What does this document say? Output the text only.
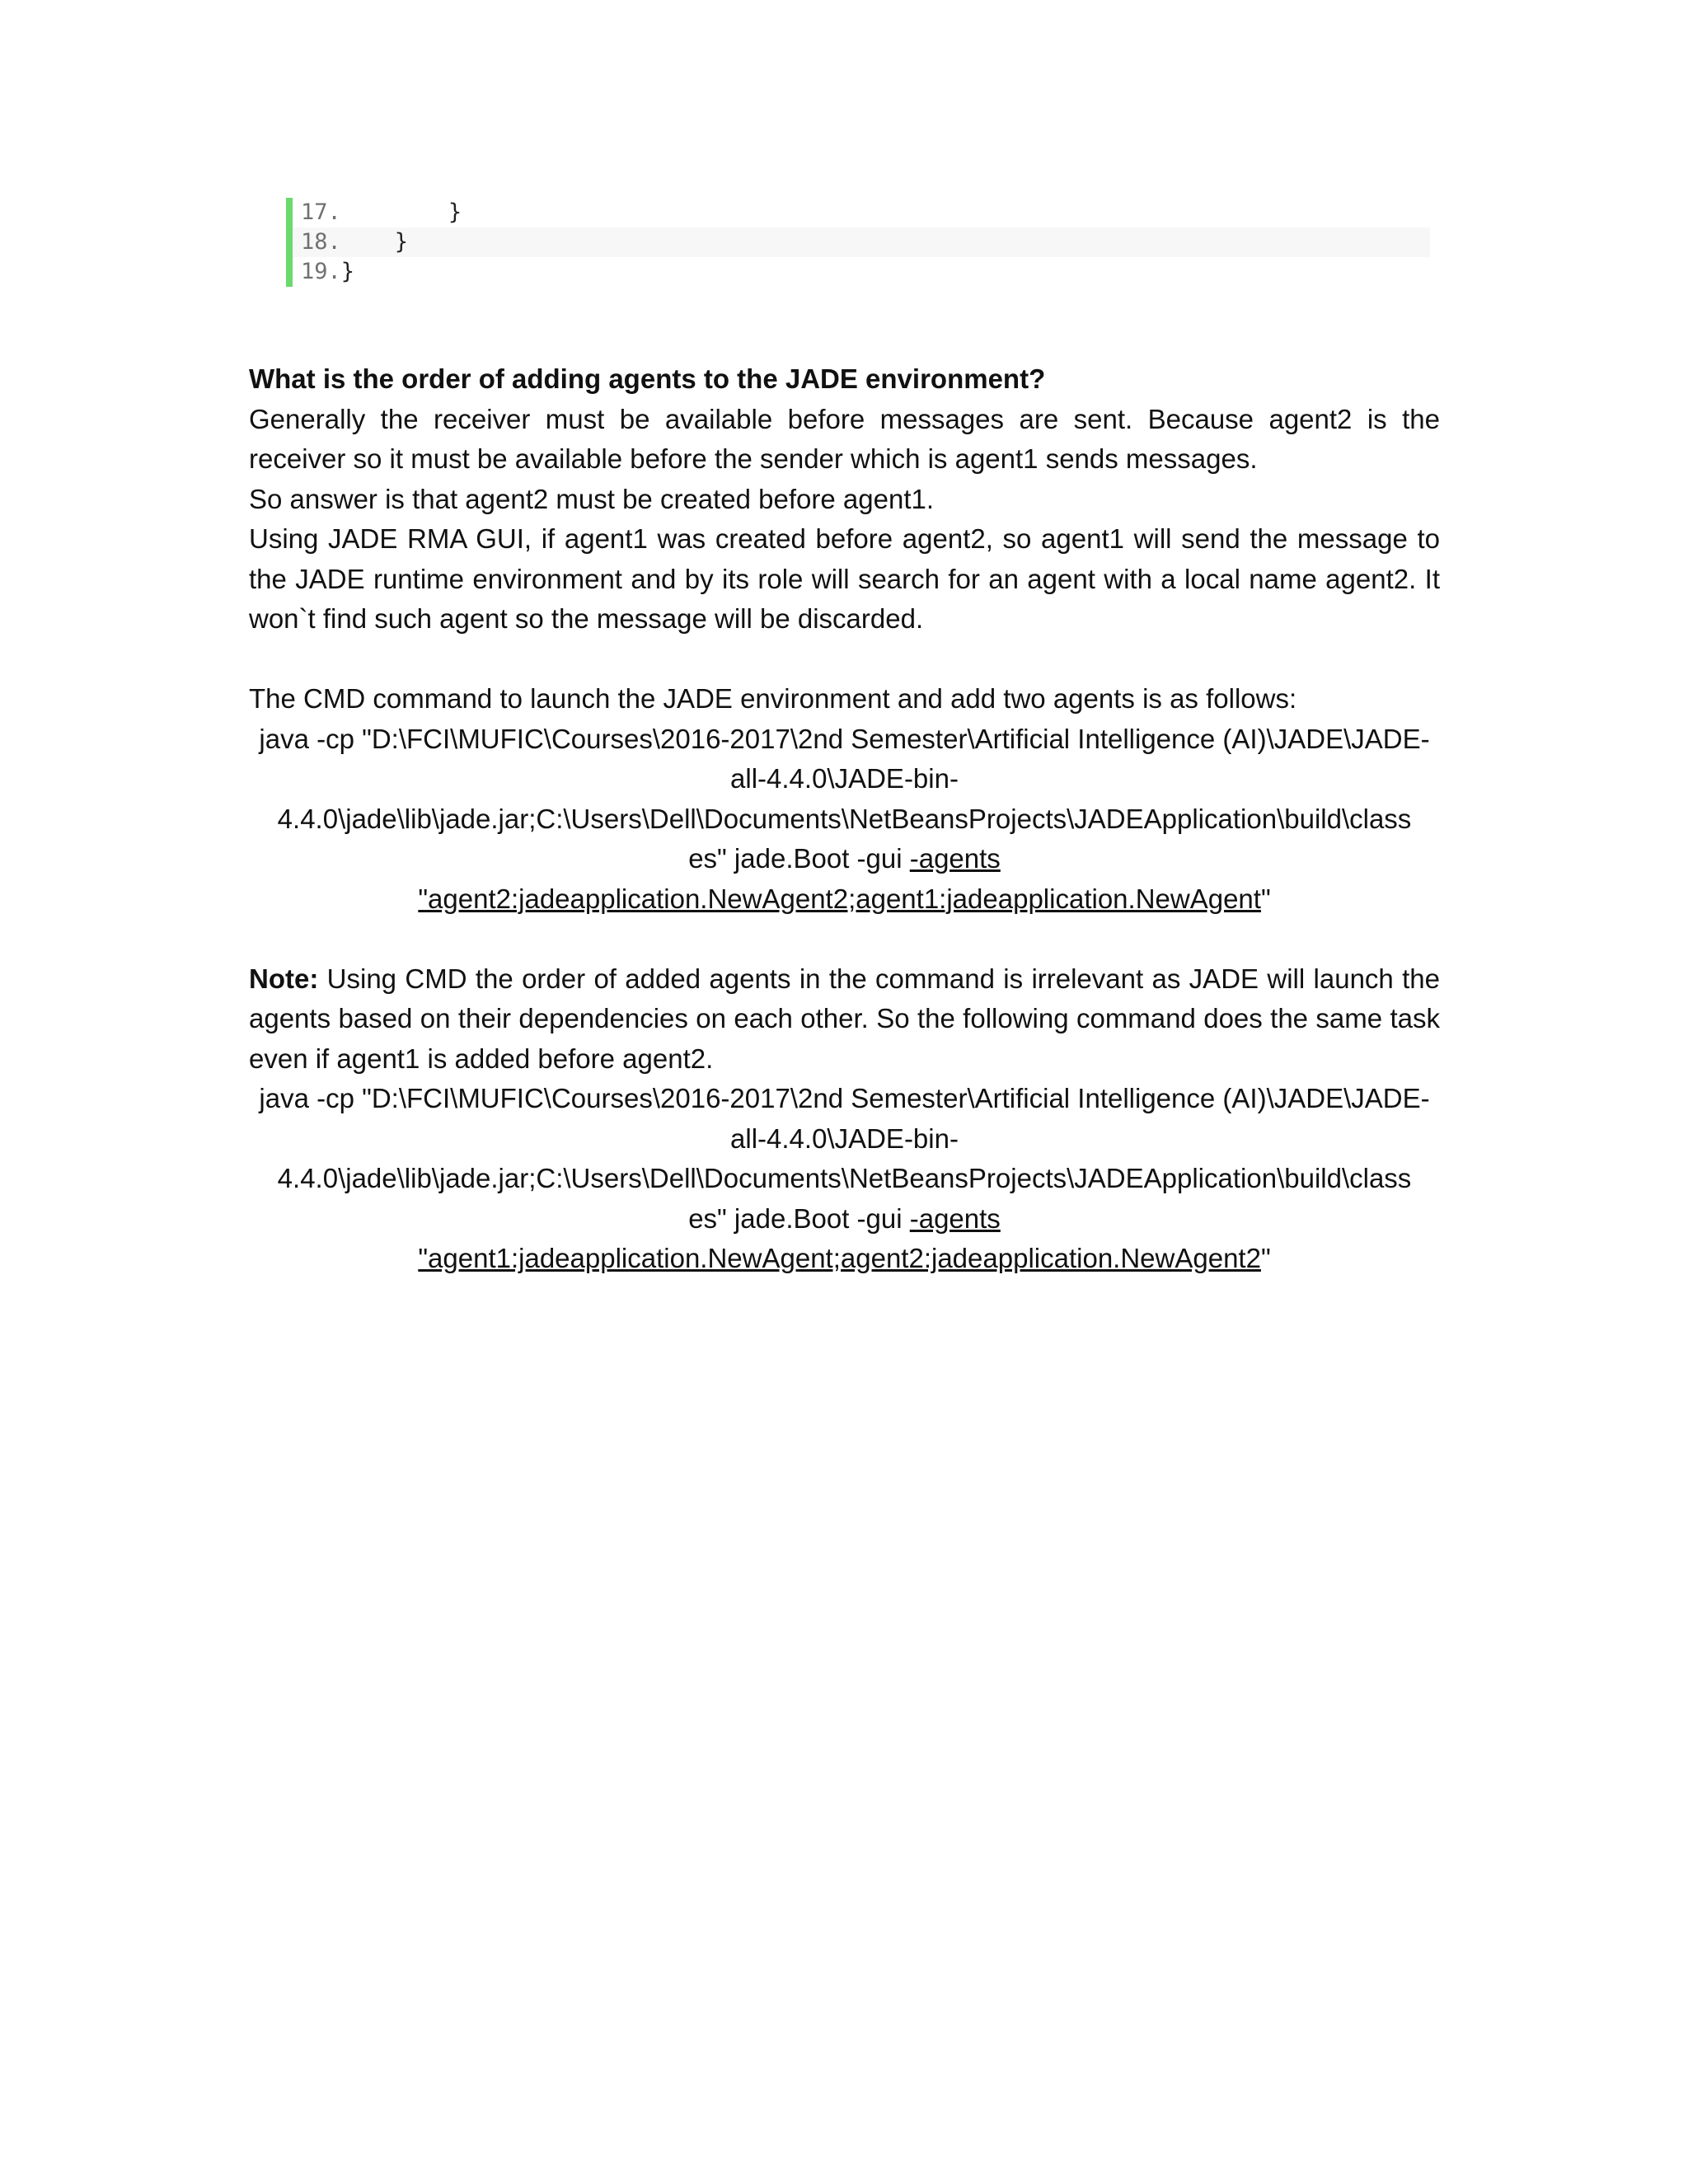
17.        }
18.    }
19.}

What is the order of adding agents to the JADE environment?

Generally the receiver must be available before messages are sent. Because agent2 is the receiver so it must be available before the sender which is agent1 sends messages.

So answer is that agent2 must be created before agent1.

Using JADE RMA GUI, if agent1 was created before agent2, so agent1 will send the message to the JADE runtime environment and by its role will search for an agent with a local name agent2. It won`t find such agent so the message will be discarded.

The CMD command to launch the JADE environment and add two agents is as follows:

java -cp "D:\FCI\MUFIC\Courses\2016-2017\2nd Semester\Artificial Intelligence (AI)\JADE\JADE-
all-4.4.0\JADE-bin-
4.4.0\jade\lib\jade.jar;C:\Users\Dell\Documents\NetBeansProjects\JADEApplication\build\class
es" jade.Boot -gui -agents
"agent2:jadeapplication.NewAgent2;agent1:jadeapplication.NewAgent"

Note: Using CMD the order of added agents in the command is irrelevant as JADE will launch the agents based on their dependencies on each other. So the following command does the same task even if agent1 is added before agent2.

java -cp "D:\FCI\MUFIC\Courses\2016-2017\2nd Semester\Artificial Intelligence (AI)\JADE\JADE-
all-4.4.0\JADE-bin-
4.4.0\jade\lib\jade.jar;C:\Users\Dell\Documents\NetBeansProjects\JADEApplication\build\class
es" jade.Boot -gui -agents
"agent1:jadeapplication.NewAgent;agent2:jadeapplication.NewAgent2"
